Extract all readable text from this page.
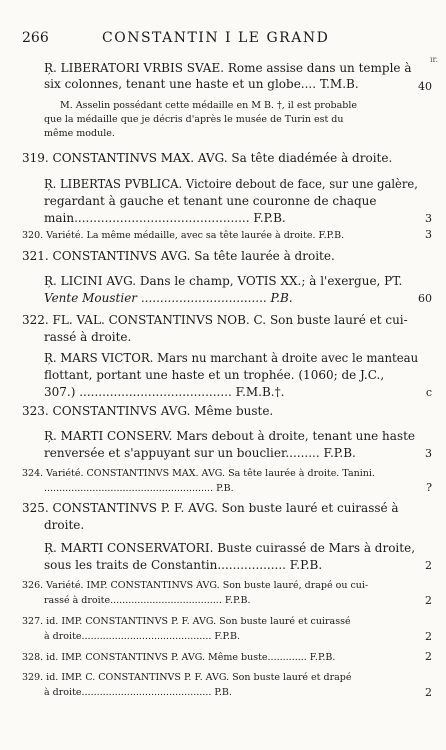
266	CONSTANTIN I LE GRAND
ır.
Ŗ. LIBERATORI VRBIS SVAE. Rome assise dans un temple à
six colonnes, tenant une haste et un globe.... T.M.B.	40
M. Asselin possédant cette médaille en M B. †, il est probable
que la médaille que je décris d'après le musée de Turin est du
même module.
319. CONSTANTINVS MAX. AVG. Sa tête diadémée à droite.
Ŗ. LIBERTAS PVBLICA. Victoire debout de face, sur une galère,
regardant à gauche et tenant une couronne de chaque
main.............................................. F.P.B.	3
320. Variété. La même médaille, avec sa tête laurée à droite. F.P.B.	3
321. CONSTANTINVS AVG. Sa tête laurée à droite.
Ŗ. LICINI AVG. Dans le champ, VOTIS XX.; à l'exergue, PT.
Vente Moustier ................................. P.B.	60
322. FL. VAL. CONSTANTINVS NOB. C. Son buste lauré et cui-
rassé à droite.
Ŗ. MARS VICTOR. Mars nu marchant à droite avec le manteau
flottant, portant une haste et un trophée. (1060; de J.C.,
307.) ........................................ F.M.B.†.	c
323. CONSTANTINVS AVG. Même buste.
Ŗ. MARTI CONSERV. Mars debout à droite, tenant une haste
renversée et s'appuyant sur un bouclier......... F.P.B.	3
324. Variété. CONSTANTINVS MAX. AVG. Sa tête laurée à droite. Tanini.
........................................................ P.B.	?
325. CONSTANTINVS P. F. AVG. Son buste lauré et cuirassé à
droite.
Ŗ. MARTI CONSERVATORI. Buste cuirassé de Mars à droite,
sous les traits de Constantin.................. F.P.B.	2
326. Variété. IMP. CONSTANTINVS AVG. Son buste lauré, drapé ou cui-
rassé à droite..................................... F.P.B.	2
327. id. IMP. CONSTANTINVS P. F. AVG. Son buste lauré et cuirassé
à droite........................................... F.P.B.	2
328. id. IMP. CONSTANTINVS P. AVG. Même buste............. F.P.B.	2
329. id. IMP. C. CONSTANTINVS P. F. AVG. Son buste lauré et drapé
à droite........................................... P.B.	2
